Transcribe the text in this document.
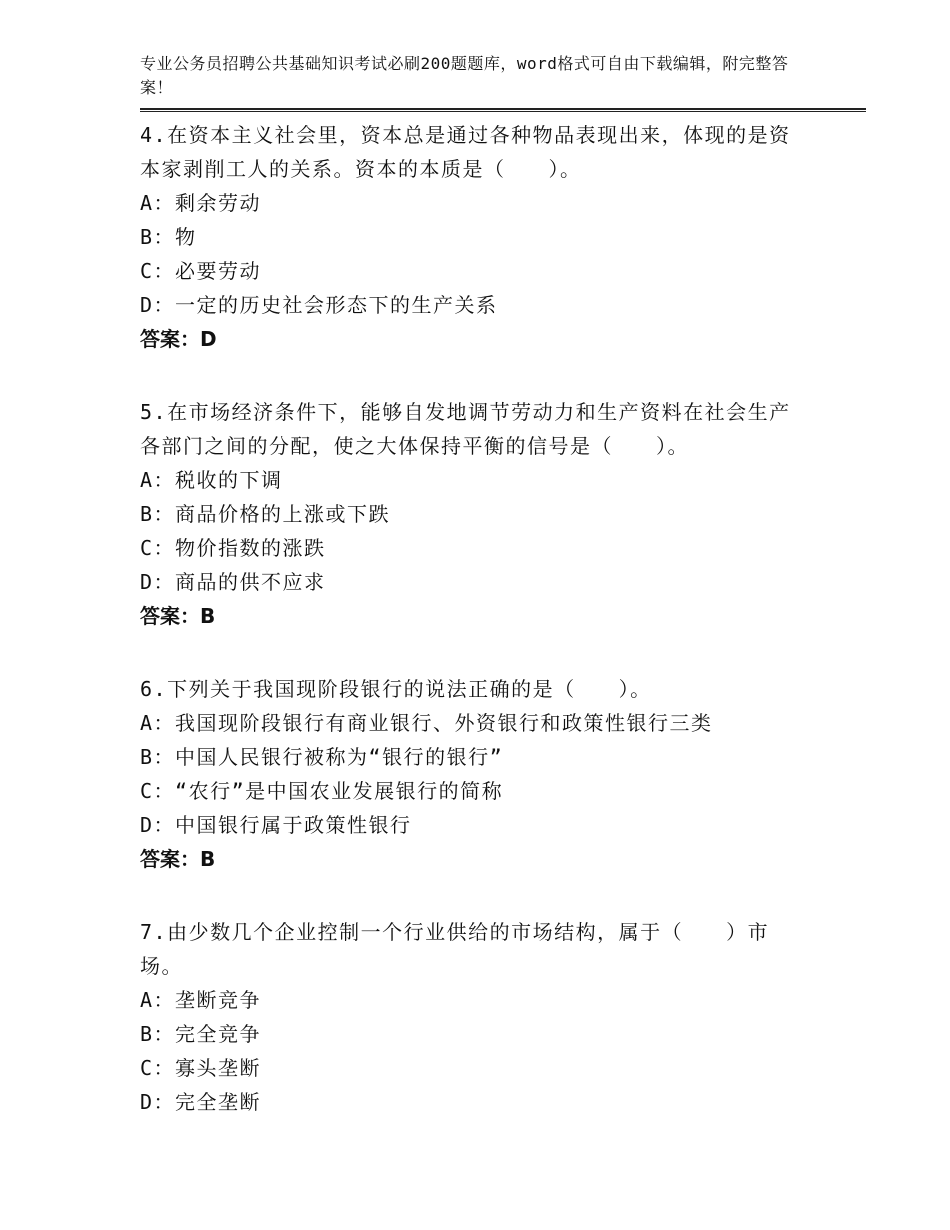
专业公务员招聘公共基础知识考试必刷200题题库，word格式可自由下载编辑，附完整答案！
4.在资本主义社会里，资本总是通过各种物品表现出来，体现的是资本家剥削工人的关系。资本的本质是（　　）。
A：剩余劳动
B：物
C：必要劳动
D：一定的历史社会形态下的生产关系
答案：D
5.在市场经济条件下，能够自发地调节劳动力和生产资料在社会生产各部门之间的分配，使之大体保持平衡的信号是（　　）。
A：税收的下调
B：商品价格的上涨或下跌
C：物价指数的涨跌
D：商品的供不应求
答案：B
6.下列关于我国现阶段银行的说法正确的是（　　）。
A：我国现阶段银行有商业银行、外资银行和政策性银行三类
B：中国人民银行被称为“银行的银行”
C：“农行”是中国农业发展银行的简称
D：中国银行属于政策性银行
答案：B
7.由少数几个企业控制一个行业供给的市场结构，属于（　　）市场。
A：垄断竞争
B：完全竞争
C：寡头垄断
D：完全垄断
